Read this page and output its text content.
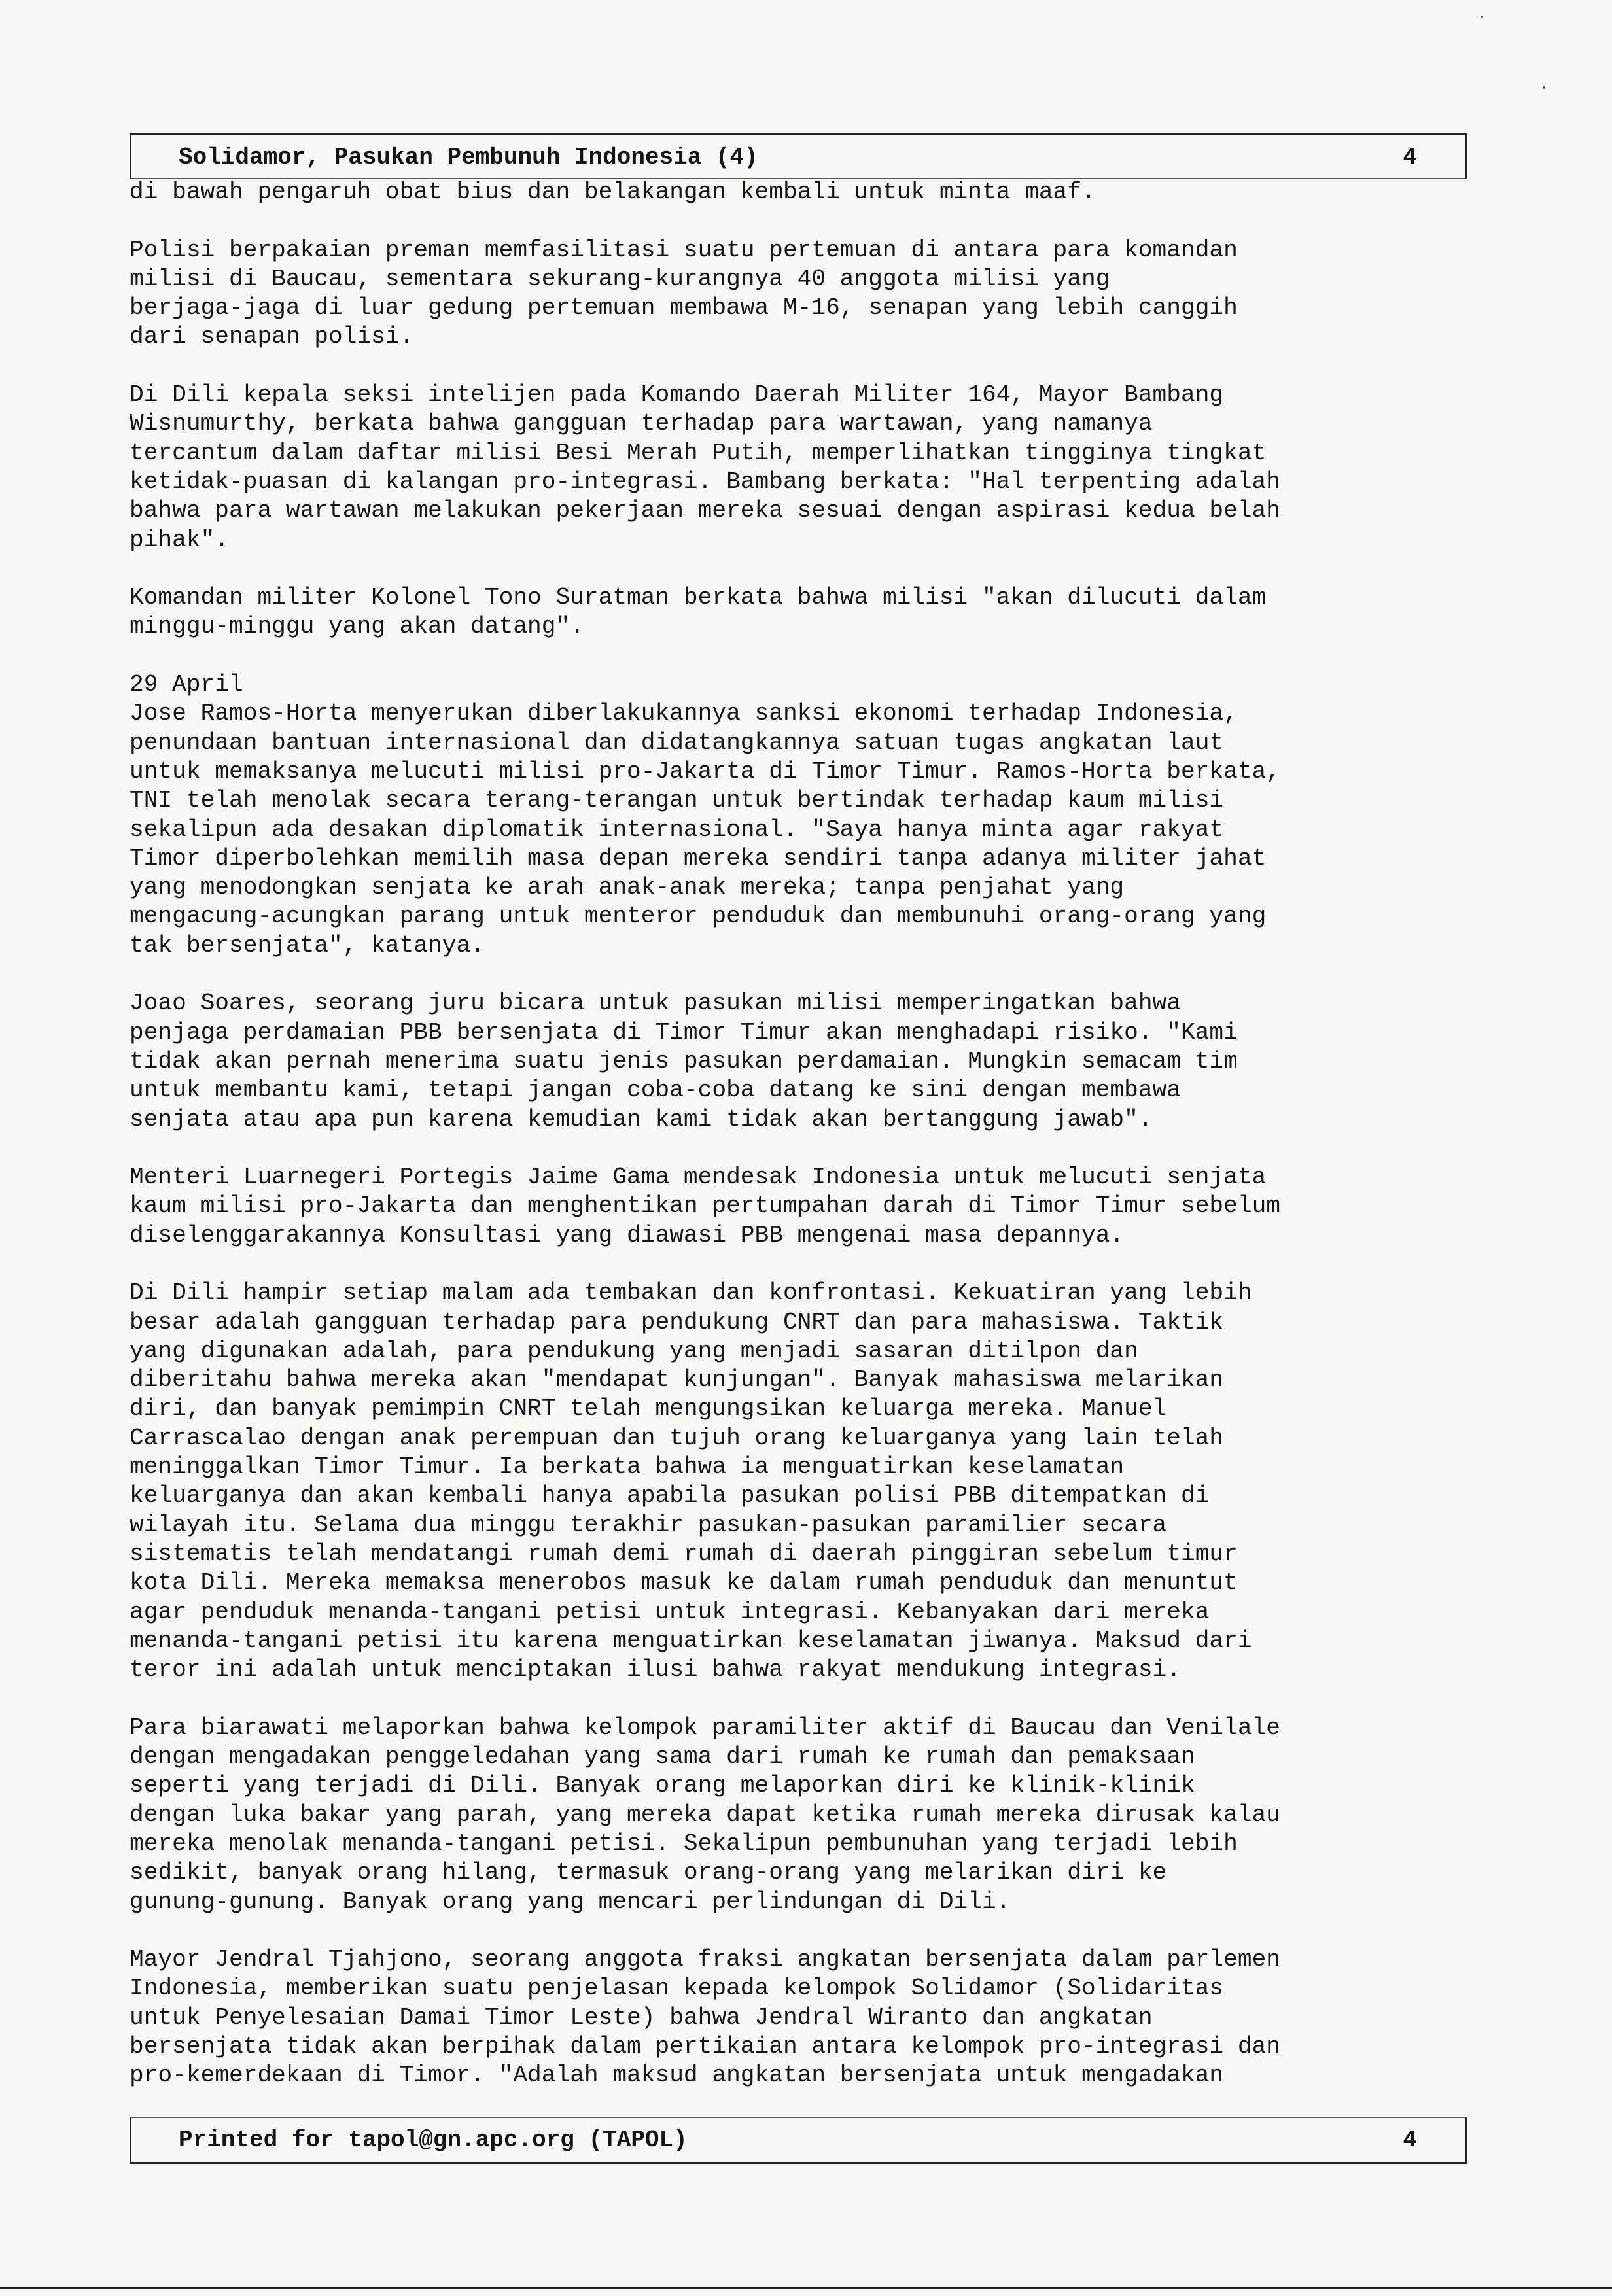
Solidamor, Pasukan Pembunuh Indonesia (4)	4

di bawah pengaruh obat bius dan belakangan kembali untuk minta maaf.

Polisi berpakaian preman memfasilitasi suatu pertemuan di antara para komandan
milisi di Baucau, sementara sekurang-kurangnya 40 anggota milisi yang
berjaga-jaga di luar gedung pertemuan membawa M-16, senapan yang lebih canggih
dari senapan polisi.

Di Dili kepala seksi intelijen pada Komando Daerah Militer 164, Mayor Bambang
Wisnumurthy, berkata bahwa gangguan terhadap para wartawan, yang namanya
tercantum dalam daftar milisi Besi Merah Putih, memperlihatkan tingginya tingkat
ketidak-puasan di kalangan pro-integrasi. Bambang berkata: "Hal terpenting adalah
bahwa para wartawan melakukan pekerjaan mereka sesuai dengan aspirasi kedua belah
pihak".

Komandan militer Kolonel Tono Suratman berkata bahwa milisi "akan dilucuti dalam
minggu-minggu yang akan datang".

29 April
Jose Ramos-Horta menyerukan diberlakukannya sanksi ekonomi terhadap Indonesia,
penundaan bantuan internasional dan didatangkannya satuan tugas angkatan laut
untuk memaksanya melucuti milisi pro-Jakarta di Timor Timur. Ramos-Horta berkata,
TNI telah menolak secara terang-terangan untuk bertindak terhadap kaum milisi
sekalipun ada desakan diplomatik internasional. "Saya hanya minta agar rakyat
Timor diperbolehkan memilih masa depan mereka sendiri tanpa adanya militer jahat
yang menodongkan senjata ke arah anak-anak mereka; tanpa penjahat yang
mengacung-acungkan parang untuk menteror penduduk dan membunuhi orang-orang yang
tak bersenjata", katanya.

Joao Soares, seorang juru bicara untuk pasukan milisi memperingatkan bahwa
penjaga perdamaian PBB bersenjata di Timor Timur akan menghadapi risiko. "Kami
tidak akan pernah menerima suatu jenis pasukan perdamaian. Mungkin semacam tim
untuk membantu kami, tetapi jangan coba-coba datang ke sini dengan membawa
senjata atau apa pun karena kemudian kami tidak akan bertanggung jawab".

Menteri Luarnegeri Portegis Jaime Gama mendesak Indonesia untuk melucuti senjata
kaum milisi pro-Jakarta dan menghentikan pertumpahan darah di Timor Timur sebelum
diselenggarakannya Konsultasi yang diawasi PBB mengenai masa depannya.

Di Dili hampir setiap malam ada tembakan dan konfrontasi. Kekuatiran yang lebih
besar adalah gangguan terhadap para pendukung CNRT dan para mahasiswa. Taktik
yang digunakan adalah, para pendukung yang menjadi sasaran ditilpon dan
diberitahu bahwa mereka akan "mendapat kunjungan". Banyak mahasiswa melarikan
diri, dan banyak pemimpin CNRT telah mengungsikan keluarga mereka. Manuel
Carrascalao dengan anak perempuan dan tujuh orang keluarganya yang lain telah
meninggalkan Timor Timur. Ia berkata bahwa ia menguatirkan keselamatan
keluarganya dan akan kembali hanya apabila pasukan polisi PBB ditempatkan di
wilayah itu. Selama dua minggu terakhir pasukan-pasukan paramilier secara
sistematis telah mendatangi rumah demi rumah di daerah pinggiran sebelum timur
kota Dili. Mereka memaksa menerobos masuk ke dalam rumah penduduk dan menuntut
agar penduduk menanda-tangani petisi untuk integrasi. Kebanyakan dari mereka
menanda-tangani petisi itu karena menguatirkan keselamatan jiwanya. Maksud dari
teror ini adalah untuk menciptakan ilusi bahwa rakyat mendukung integrasi.

Para biarawati melaporkan bahwa kelompok paramiliter aktif di Baucau dan Venilale
dengan mengadakan penggeledahan yang sama dari rumah ke rumah dan pemaksaan
seperti yang terjadi di Dili. Banyak orang melaporkan diri ke klinik-klinik
dengan luka bakar yang parah, yang mereka dapat ketika rumah mereka dirusak kalau
mereka menolak menanda-tangani petisi. Sekalipun pembunuhan yang terjadi lebih
sedikit, banyak orang hilang, termasuk orang-orang yang melarikan diri ke
gunung-gunung. Banyak orang yang mencari perlindungan di Dili.

Mayor Jendral Tjahjono, seorang anggota fraksi angkatan bersenjata dalam parlemen
Indonesia, memberikan suatu penjelasan kepada kelompok Solidamor (Solidaritas
untuk Penyelesaian Damai Timor Leste) bahwa Jendral Wiranto dan angkatan
bersenjata tidak akan berpihak dalam pertikaian antara kelompok pro-integrasi dan
pro-kemerdekaan di Timor. "Adalah maksud angkatan bersenjata untuk mengadakan

Printed for tapol@gn.apc.org (TAPOL)	4
